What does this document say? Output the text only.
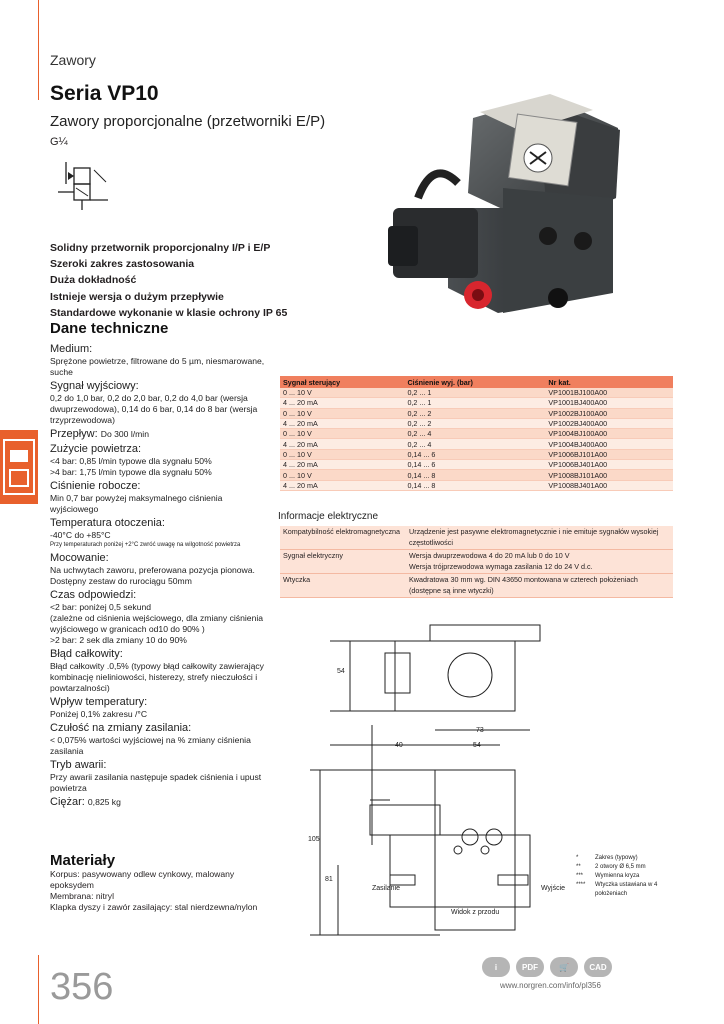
Zawory
Seria VP10
Zawory proporcjonalne (przetworniki E/P)
G¼
Solidny przetwornik proporcjonalny I/P i E/P
Szeroki zakres zastosowania
Duża dokładność
Istnieje wersja o dużym przepływie
Standardowe wykonanie w klasie ochrony IP 65
Dane techniczne
Medium:
Sprężone powietrze, filtrowane do 5 µm, niesmarowane, suche
Sygnał wyjściowy:
0,2 do 1,0 bar, 0,2 do 2,0 bar, 0,2 do 4,0 bar (wersja dwuprzewodowa), 0,14 do 6 bar, 0,14 do 8 bar (wersja trzyprzewodowa)
Przepływ: Do 300 l/min
Zużycie powietrza:
<4 bar: 0,85 l/min typowe dla sygnału 50%
>4 bar: 1,75 l/min typowe dla sygnału 50%
Ciśnienie robocze:
Min 0,7 bar powyżej maksymalnego ciśnienia wyjściowego
Temperatura otoczenia:
-40°C do +85°C
Przy temperaturach poniżej +2°C zwróć uwagę na wilgotność powietrza
Mocowanie:
Na uchwytach zaworu, preferowana pozycja pionowa. Dostępny zestaw do rurociągu 50mm
Czas odpowiedzi:
<2 bar: poniżej 0,5 sekund
(zależne od ciśnienia wejściowego, dla zmiany ciśnienia wyjściowego w granicach od10 do 90% )
>2 bar: 2 sek dla zmiany 10 do 90%
Błąd całkowity:
Błąd całkowity .0,5% (typowy błąd całkowity zawierający kombinację nieliniowości, histerezy, strefy nieczułości i powtarzalności)
Wpływ temperatury:
Poniżej 0,1% zakresu /°C
Czułość na zmiany zasilania:
< 0,075% wartości wyjściowej na % zmiany ciśnienia zasilania
Tryb awarii:
Przy awarii zasilania następuje spadek ciśnienia i upust powietrza
Ciężar: 0,825 kg
Materiały
Korpus: pasywowany odlew cynkowy, malowany epoksydem
Membrana: nitryl
Klapka dyszy i zawór zasilający: stal nierdzewna/nylon
Sygnał sterujący	Ciśnienie wyj. (bar)	Nr kat.
0 ... 10 V	0,2 ... 1	VP1001BJ100A00
4 ... 20 mA	0,2 ... 1	VP1001BJ400A00
0 ... 10 V	0,2 ... 2	VP1002BJ100A00
4 ... 20 mA	0,2 ... 2	VP1002BJ400A00
0 ... 10 V	0,2 ... 4	VP1004BJ100A00
4 ... 20 mA	0,2 ... 4	VP1004BJ400A00
0 ... 10 V	0,14 ... 6	VP1006BJ101A00
4 ... 20 mA	0,14 ... 6	VP1006BJ401A00
0 ... 10 V	0,14 ... 8	VP1008BJ101A00
4 ... 20 mA	0,14 ... 8	VP1008BJ401A00
Informacje elektryczne
Kompatybilność elektromagnetyczna	Urządzenie jest pasywne elektromagnetycznie i nie emituje sygnałów wysokiej częstotliwości
Sygnał elektryczny	Wersja dwuprzewodowa 4 do 20 mA lub 0 do 10 V
Wersja trójprzewodowa wymaga zasilania 12 do 24 V d.c.
Wtyczka	Kwadratowa 30 mm wg. DIN 43650 montowana w czterech położeniach (dostępne są inne wtyczki)
73
40	54
54
105
81
Zasilanie	Wyjście
Widok z przodu
*	Zakres (typowy)
**	2 otwory Ø 6,5 mm
***	Wymienna kryza
****	Wtyczka ustawiana w 4 położeniach
i	PDF	🛒	CAD
www.norgren.com/info/pl356
356
